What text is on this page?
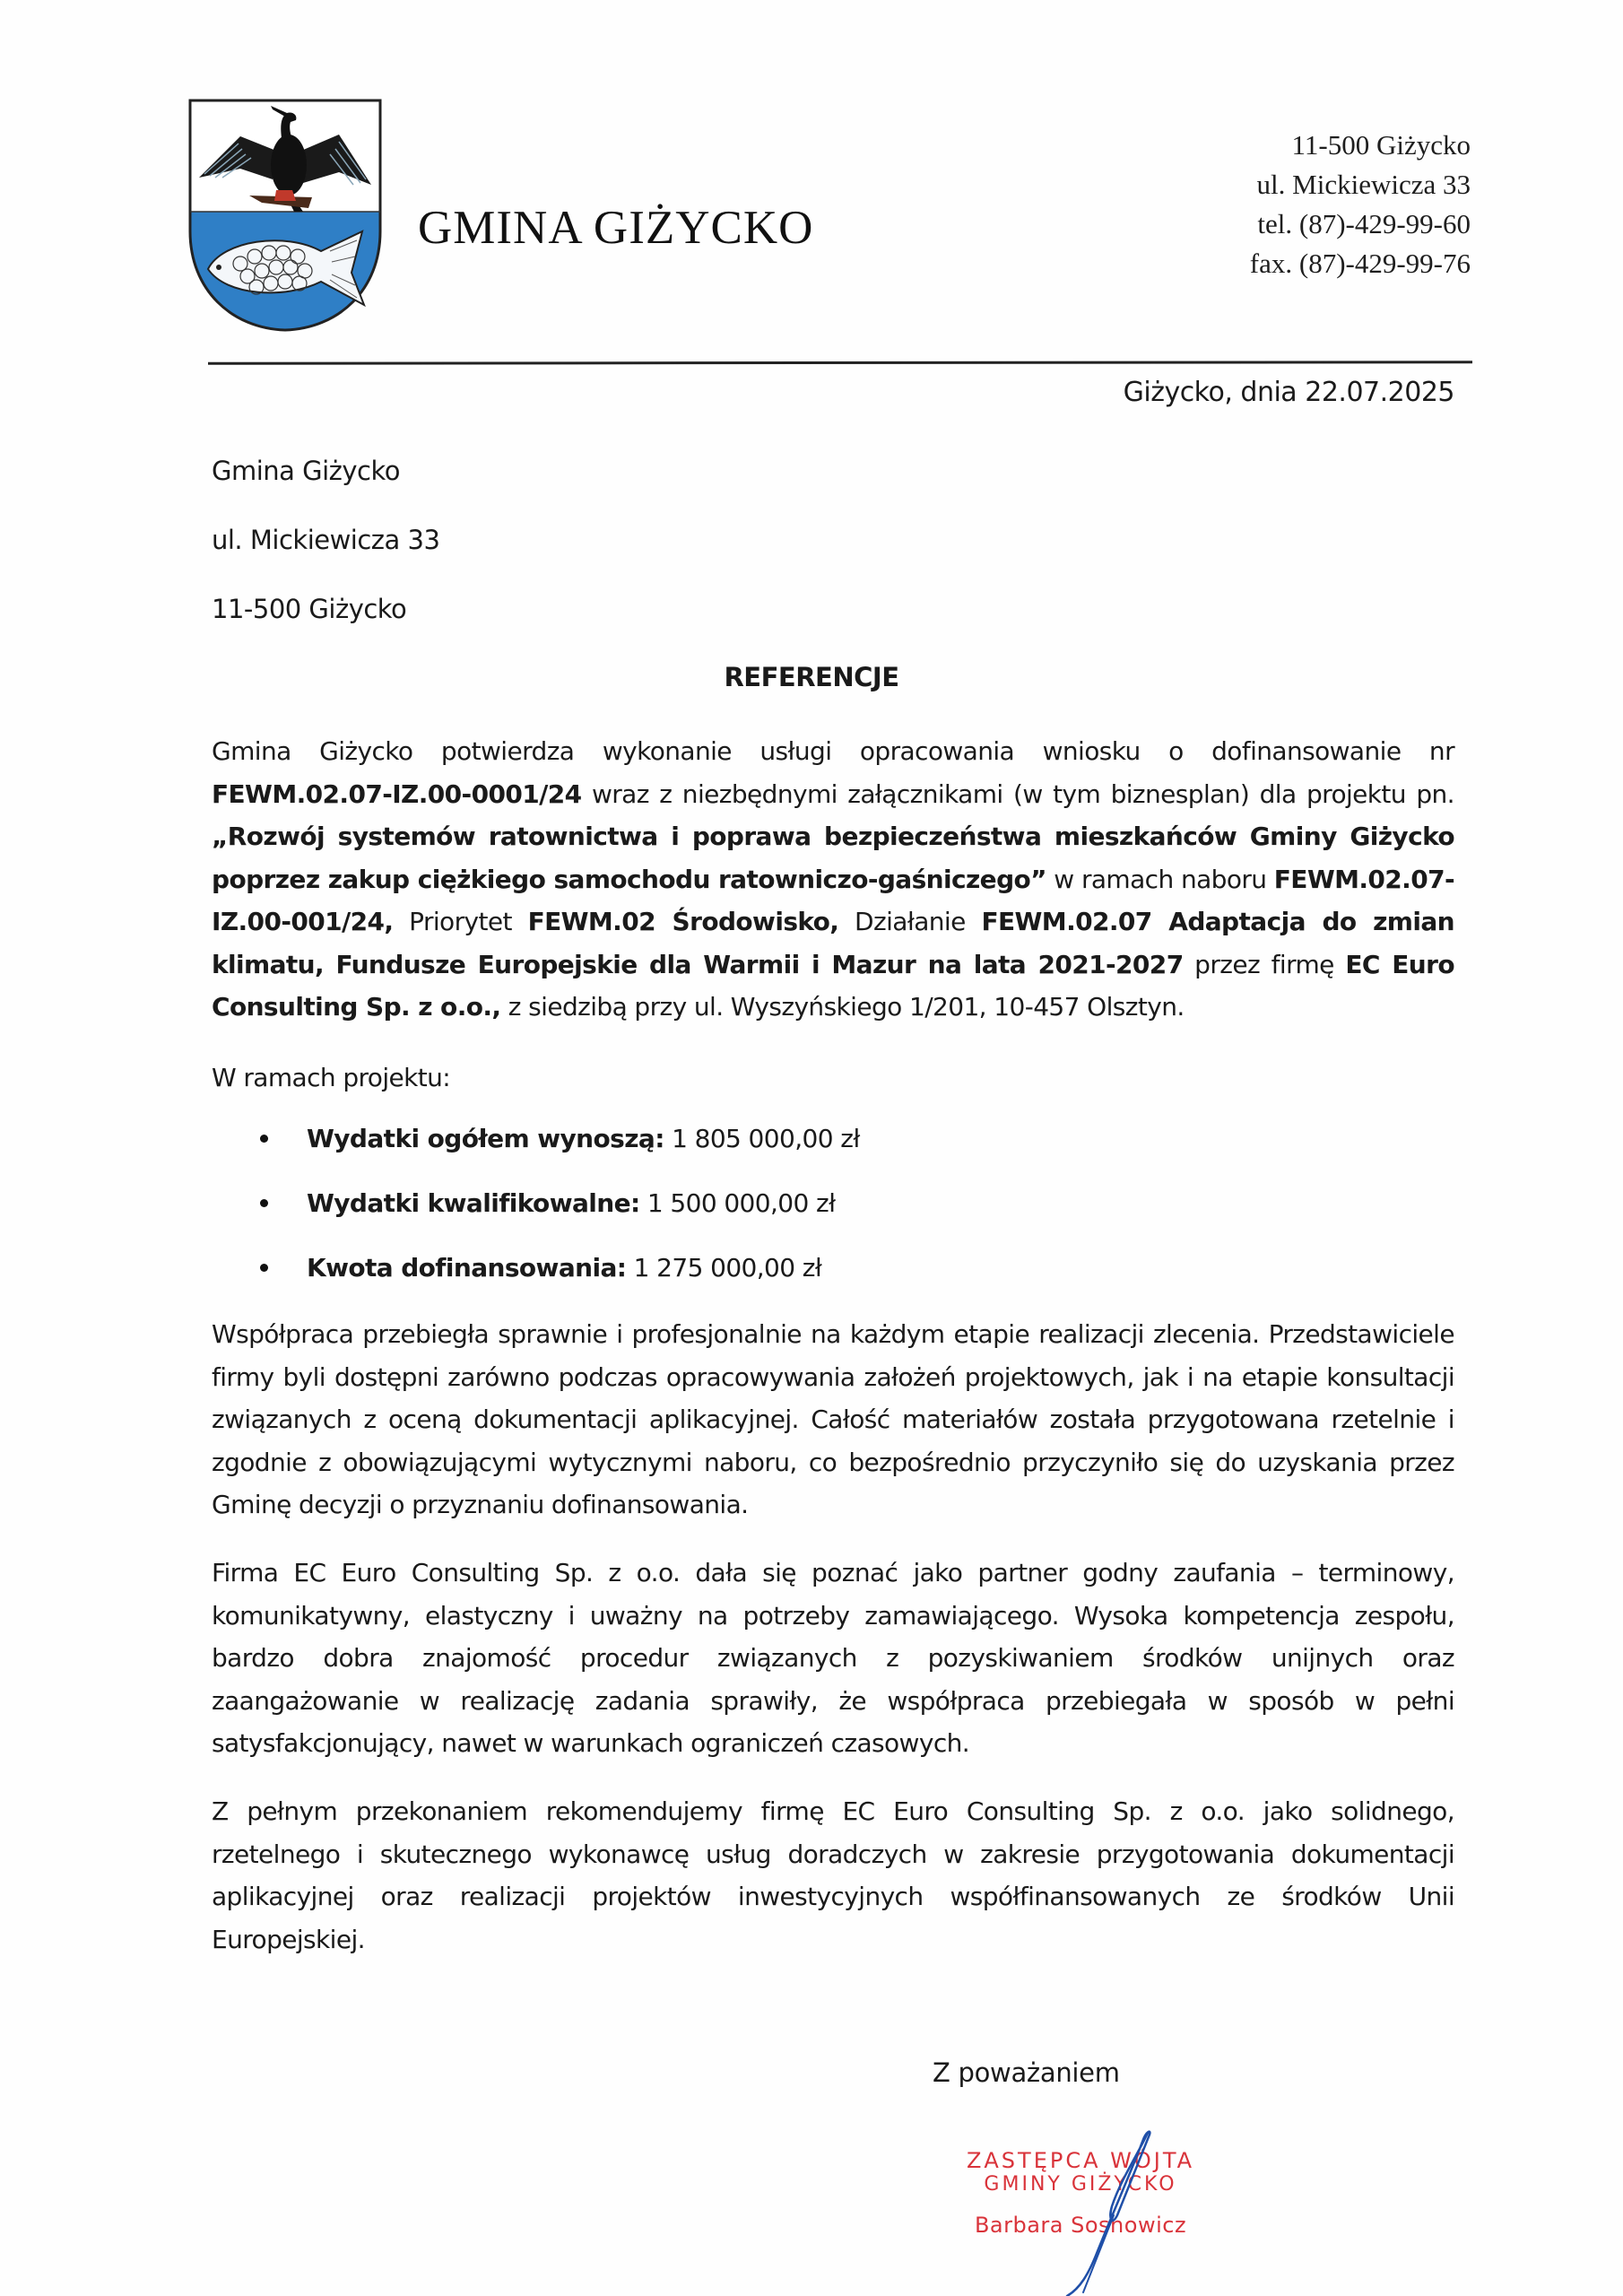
GMINA GIŻYCKO
11-500 Giżycko
ul. Mickiewicza 33
tel. (87)-429-99-60
fax. (87)-429-99-76
Giżycko, dnia 22.07.2025
Gmina Giżycko
ul. Mickiewicza 33
11-500 Giżycko
REFERENCJE

Gmina Giżycko potwierdza wykonanie usługi opracowania wniosku o dofinansowanie nr FEWM.02.07-IZ.00-0001/24 wraz z niezbędnymi załącznikami (w tym biznesplan) dla projektu pn. „Rozwój systemów ratownictwa i poprawa bezpieczeństwa mieszkańców Gminy Giżycko poprzez zakup ciężkiego samochodu ratowniczo-gaśniczego” w ramach naboru FEWM.02.07-IZ.00-001/24, Priorytet FEWM.02 Środowisko, Działanie FEWM.02.07 Adaptacja do zmian klimatu, Fundusze Europejskie dla Warmii i Mazur na lata 2021-2027 przez firmę EC Euro Consulting Sp. z o.o., z siedzibą przy ul. Wyszyńskiego 1/201, 10-457 Olsztyn.

W ramach projektu:
Wydatki ogółem wynoszą: 1 805 000,00 zł
Wydatki kwalifikowalne: 1 500 000,00 zł
Kwota dofinansowania: 1 275 000,00 zł

Współpraca przebiegła sprawnie i profesjonalnie na każdym etapie realizacji zlecenia. Przedstawiciele firmy byli dostępni zarówno podczas opracowywania założeń projektowych, jak i na etapie konsultacji związanych z oceną dokumentacji aplikacyjnej. Całość materiałów została przygotowana rzetelnie i zgodnie z obowiązującymi wytycznymi naboru, co bezpośrednio przyczyniło się do uzyskania przez Gminę decyzji o przyznaniu dofinansowania.

Firma EC Euro Consulting Sp. z o.o. dała się poznać jako partner godny zaufania – terminowy, komunikatywny, elastyczny i uważny na potrzeby zamawiającego. Wysoka kompetencja zespołu, bardzo dobra znajomość procedur związanych z pozyskiwaniem środków unijnych oraz zaangażowanie w realizację zadania sprawiły, że współpraca przebiegała w sposób w pełni satysfakcjonujący, nawet w warunkach ograniczeń czasowych.

Z pełnym przekonaniem rekomendujemy firmę EC Euro Consulting Sp. z o.o. jako solidnego, rzetelnego i skutecznego wykonawcę usług doradczych w zakresie przygotowania dokumentacji aplikacyjnej oraz realizacji projektów inwestycyjnych współfinansowanych ze środków Unii Europejskiej.

Z poważaniem
ZASTĘPCA WÓJTA
GMINY GIŻYCKO
Barbara Sosnowicz
